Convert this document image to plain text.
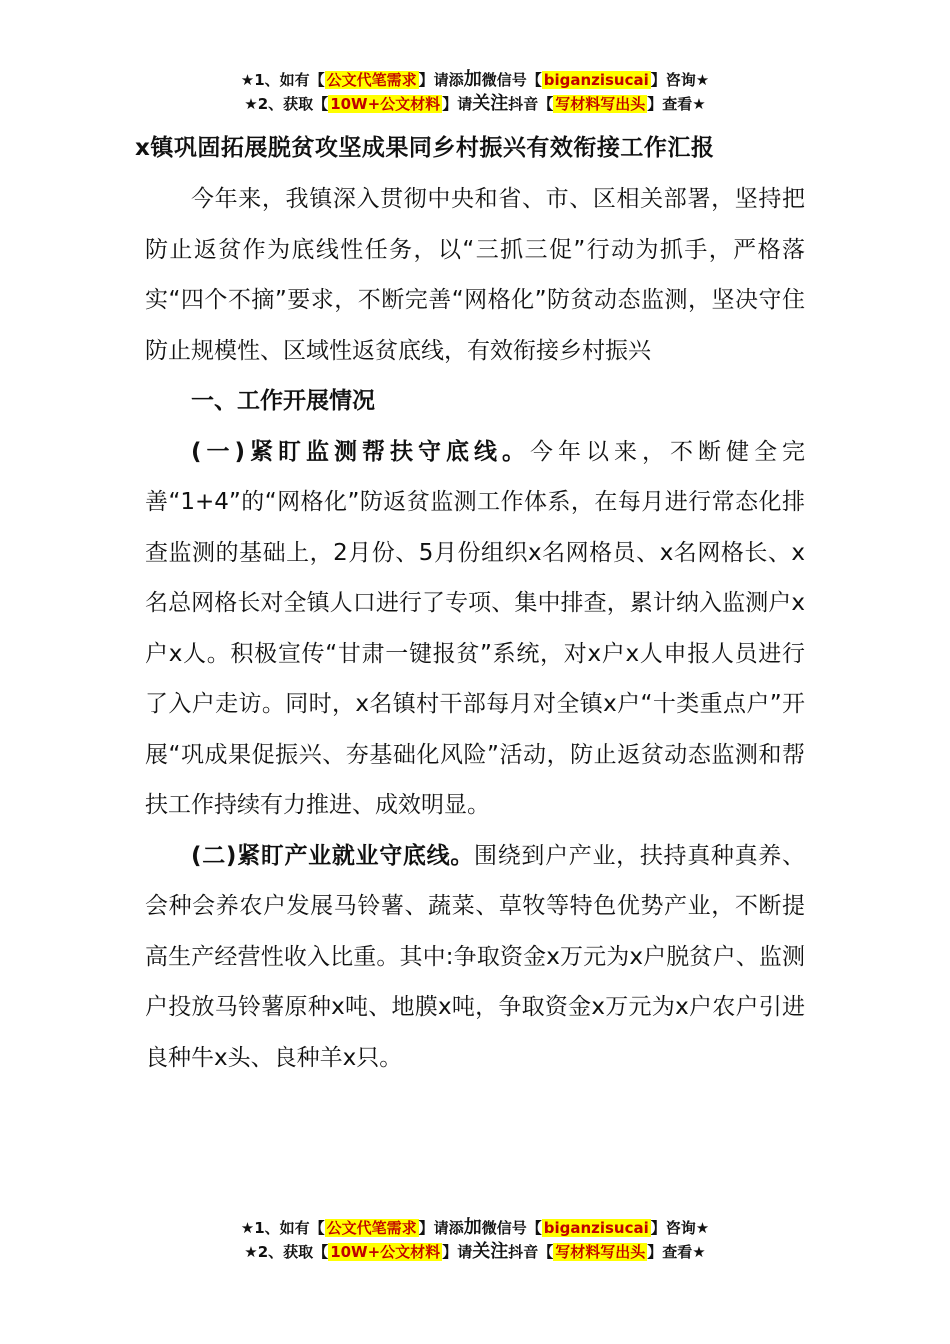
★1、如有【 公文代笔需求 】请添加微信号【 biganzisucai 】咨询★
★2、获取【 10W+公文材料 】请关注抖音【 写材料写出头 】查看★
x镇巩固拓展脱贫攻坚成果同乡村振兴有效衔接工作汇报

今年来，我镇深入贯彻中央和省、市、区相关部署，坚持把防止返贫作为底线性任务，以“三抓三促”行动为抓手，严格落实“四个不摘”要求，不断完善“网格化”防贫动态监测，坚决守住防止规模性、区域性返贫底线，有效衔接乡村振兴

一、工作开展情况

(一)紧盯监测帮扶守底线。今年以来，不断健全完善“1+4”的“网格化”防返贫监测工作体系，在每月进行常态化排查监测的基础上，2月份、5月份组织x名网格员、x名网格长、x名总网格长对全镇人口进行了专项、集中排查，累计纳入监测户x户x人。积极宣传“甘肃一键报贫”系统，对x户x人申报人员进行了入户走访。同时，x名镇村干部每月对全镇x户“十类重点户”开展“巩成果促振兴、夯基础化风险”活动，防止返贫动态监测和帮扶工作持续有力推进、成效明显。

(二)紧盯产业就业守底线。围绕到户产业，扶持真种真养、会种会养农户发展马铃薯、蔬菜、草牧等特色优势产业，不断提高生产经营性收入比重。其中:争取资金x万元为x户脱贫户、监测户投放马铃薯原种x吨、地膜x吨，争取资金x万元为x户农户引进良种牛x头、良种羊x只。

★1、如有【 公文代笔需求 】请添加微信号【 biganzisucai 】咨询★
★2、获取【 10W+公文材料 】请关注抖音【 写材料写出头 】查看★
